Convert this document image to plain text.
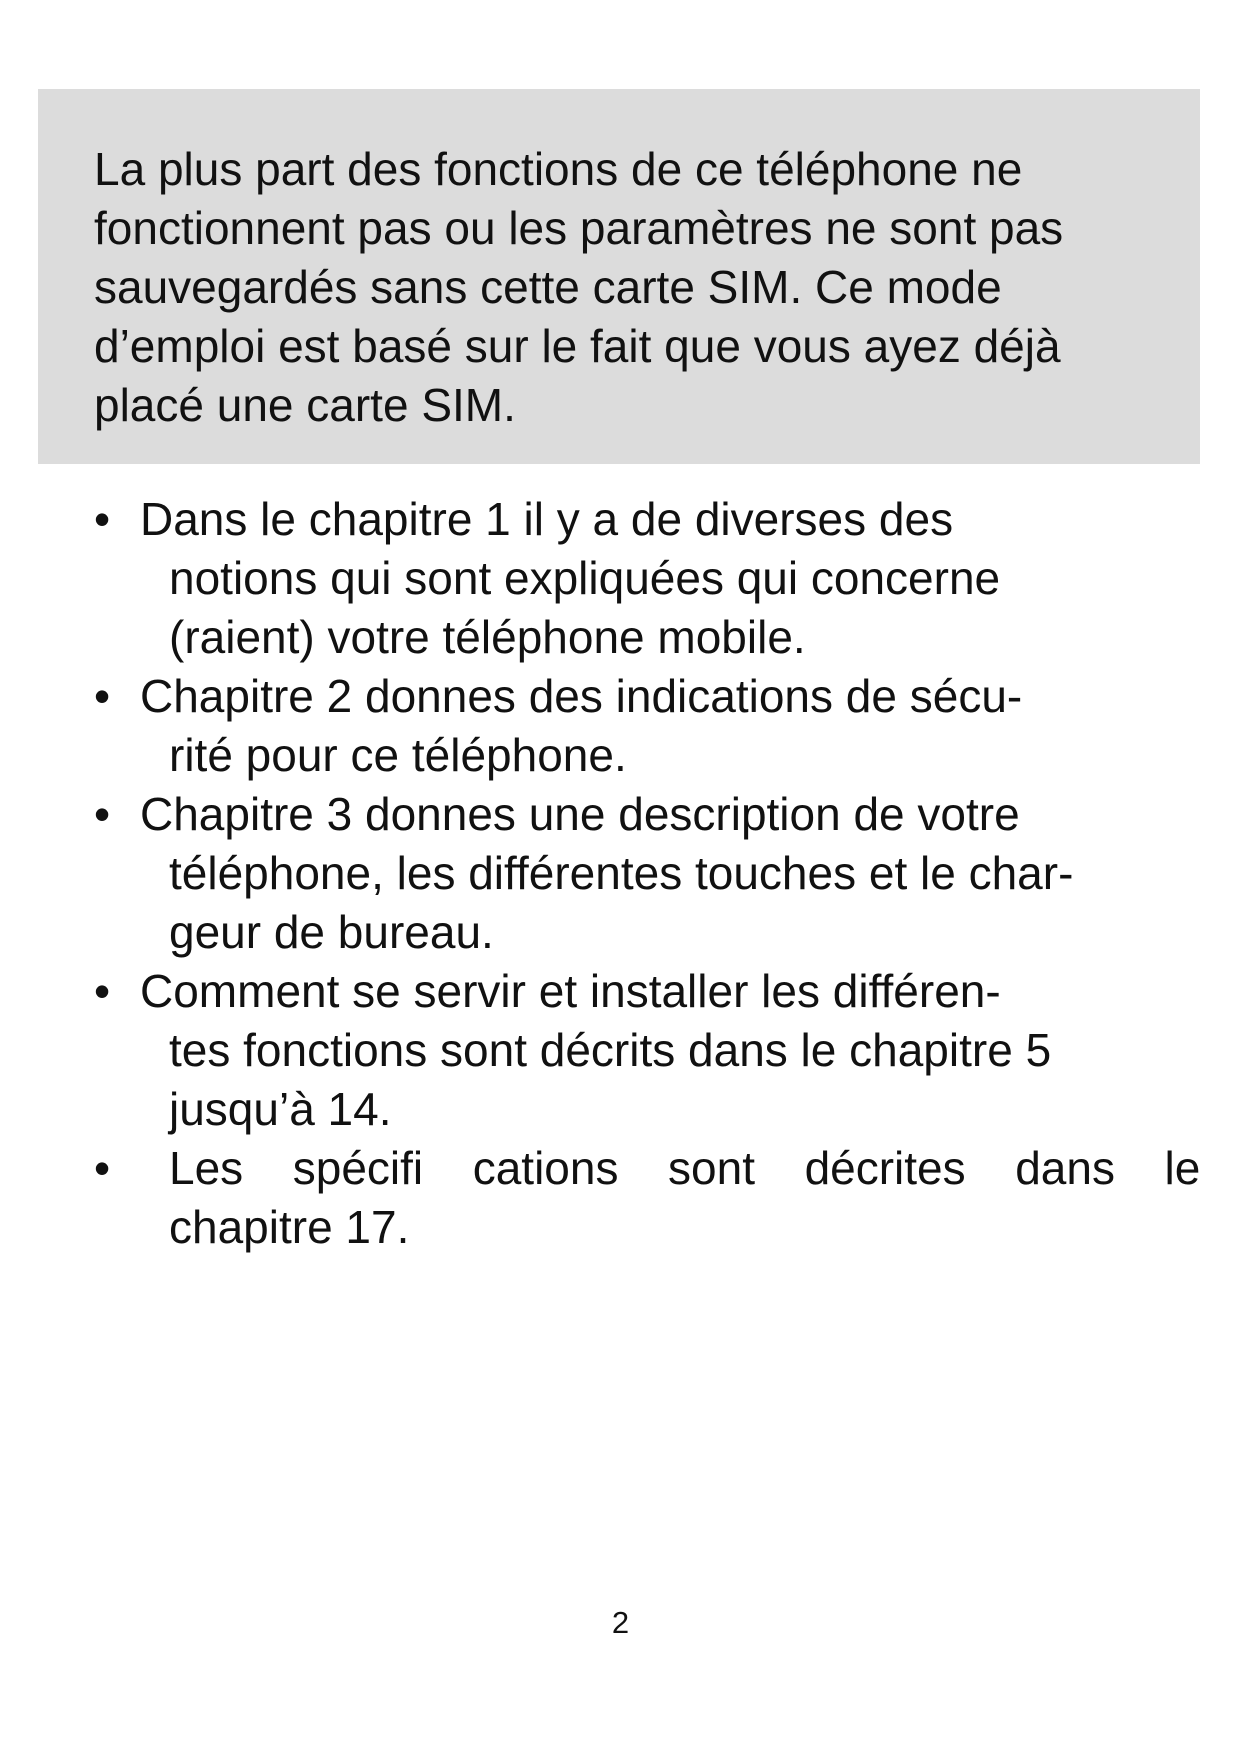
La plus part des fonctions de ce téléphone ne
fonctionnent pas ou les paramètres ne sont pas
sauvegardés sans cette carte SIM. Ce mode
d’emploi est basé sur le fait que vous ayez déjà
placé une carte SIM.
• Dans le chapitre 1 il y a de diverses des
notions qui sont expliquées qui concerne
(raient) votre téléphone mobile.
• Chapitre 2 donnes des indications de sécu-
rité pour ce téléphone.
• Chapitre 3 donnes une description de votre
téléphone, les différentes touches et le char-
geur de bureau.
• Comment se servir et installer les différen-
tes fonctions sont décrits dans le chapitre 5
jusqu’à 14.
•	Les spécifi cations sont décrites dans le
chapitre 17.
2
